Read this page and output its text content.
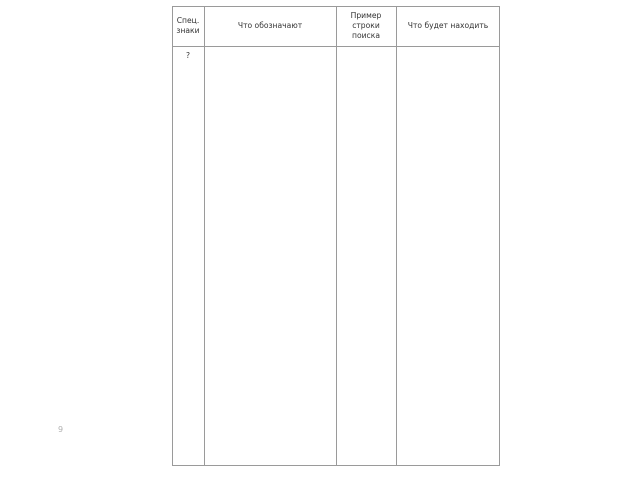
9
Спец.
знаки
Что обозначают
Пример
строки
поиска
Что будет находить
?
